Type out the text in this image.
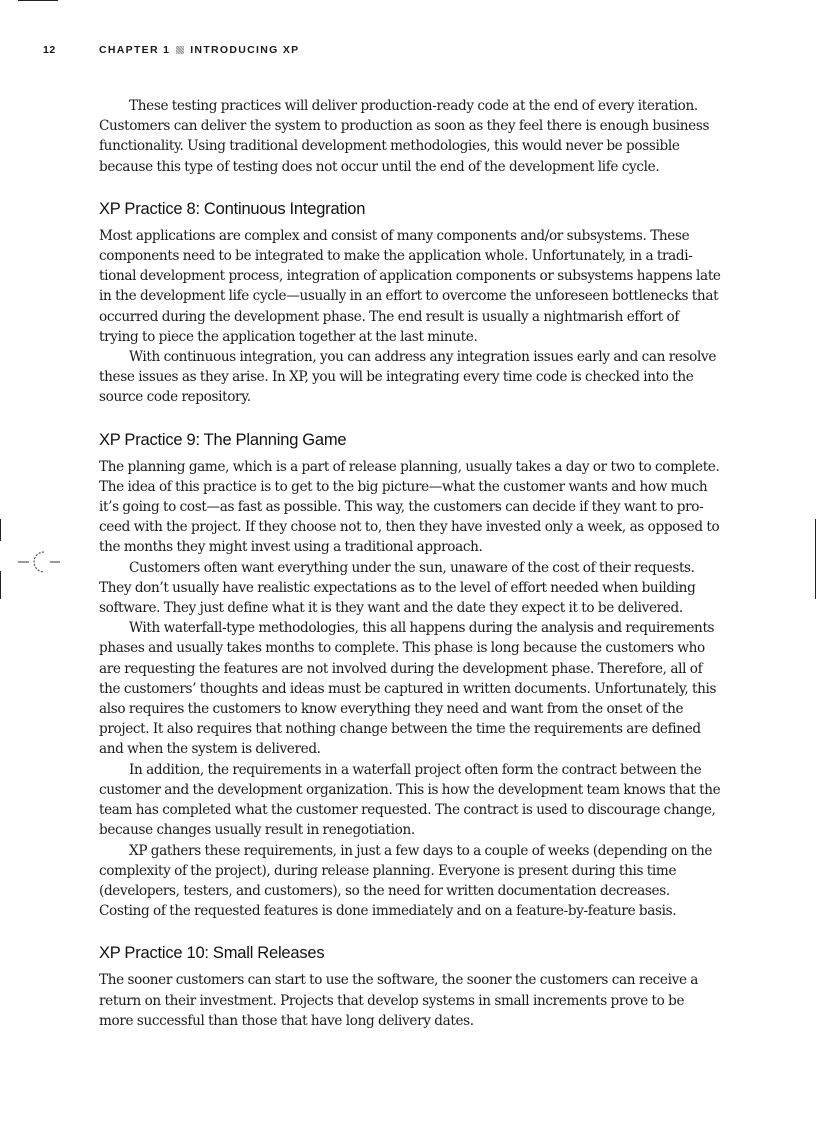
12	CHAPTER 1 INTRODUCING XP

These testing practices will deliver production-ready code at the end of every iteration. Customers can deliver the system to production as soon as they feel there is enough business functionality. Using traditional development methodologies, this would never be possible because this type of testing does not occur until the end of the development life cycle.

XP Practice 8: Continuous Integration

Most applications are complex and consist of many components and/or subsystems. These components need to be integrated to make the application whole. Unfortunately, in a traditional development process, integration of application components or subsystems happens late in the development life cycle—usually in an effort to overcome the unforeseen bottlenecks that occurred during the development phase. The end result is usually a nightmarish effort of trying to piece the application together at the last minute.

With continuous integration, you can address any integration issues early and can resolve these issues as they arise. In XP, you will be integrating every time code is checked into the source code repository.

XP Practice 9: The Planning Game

The planning game, which is a part of release planning, usually takes a day or two to complete. The idea of this practice is to get to the big picture—what the customer wants and how much it’s going to cost—as fast as possible. This way, the customers can decide if they want to proceed with the project. If they choose not to, then they have invested only a week, as opposed to the months they might invest using a traditional approach.

Customers often want everything under the sun, unaware of the cost of their requests. They don’t usually have realistic expectations as to the level of effort needed when building software. They just define what it is they want and the date they expect it to be delivered.

With waterfall-type methodologies, this all happens during the analysis and requirements phases and usually takes months to complete. This phase is long because the customers who are requesting the features are not involved during the development phase. Therefore, all of the customers’ thoughts and ideas must be captured in written documents. Unfortunately, this also requires the customers to know everything they need and want from the onset of the project. It also requires that nothing change between the time the requirements are defined and when the system is delivered.

In addition, the requirements in a waterfall project often form the contract between the customer and the development organization. This is how the development team knows that the team has completed what the customer requested. The contract is used to discourage change, because changes usually result in renegotiation.

XP gathers these requirements, in just a few days to a couple of weeks (depending on the complexity of the project), during release planning. Everyone is present during this time (developers, testers, and customers), so the need for written documentation decreases. Costing of the requested features is done immediately and on a feature-by-feature basis.

XP Practice 10: Small Releases

The sooner customers can start to use the software, the sooner the customers can receive a return on their investment. Projects that develop systems in small increments prove to be more successful than those that have long delivery dates.
